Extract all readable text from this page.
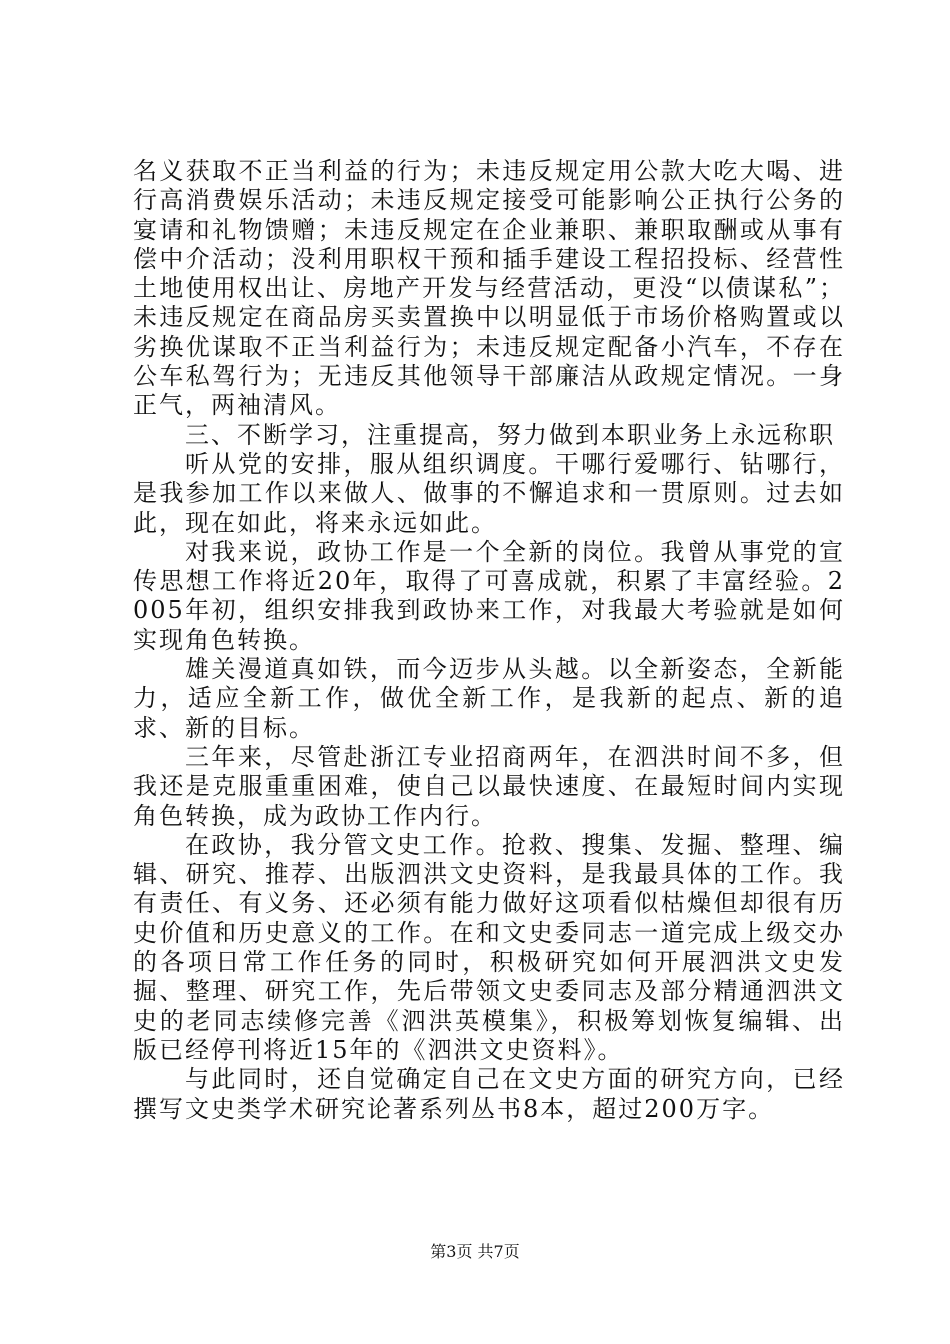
名义获取不正当利益的行为；未违反规定用公款大吃大喝、进行高消费娱乐活动；未违反规定接受可能影响公正执行公务的宴请和礼物馈赠；未违反规定在企业兼职、兼职取酬或从事有偿中介活动；没利用职权干预和插手建设工程招投标、经营性土地使用权出让、房地产开发与经营活动，更没“以债谋私”；未违反规定在商品房买卖置换中以明显低于市场价格购置或以劣换优谋取不正当利益行为；未违反规定配备小汽车，不存在公车私驾行为；无违反其他领导干部廉洁从政规定情况。一身正气，两袖清风。

三、不断学习，注重提高，努力做到本职业务上永远称职

听从党的安排，服从组织调度。干哪行爱哪行、钻哪行，是我参加工作以来做人、做事的不懈追求和一贯原则。过去如此，现在如此，将来永远如此。

对我来说，政协工作是一个全新的岗位。我曾从事党的宣传思想工作将近20年，取得了可喜成就，积累了丰富经验。2005年初，组织安排我到政协来工作，对我最大考验就是如何实现角色转换。

雄关漫道真如铁，而今迈步从头越。以全新姿态，全新能力，适应全新工作，做优全新工作，是我新的起点、新的追求、新的目标。

三年来，尽管赴浙江专业招商两年，在泗洪时间不多，但我还是克服重重困难，使自己以最快速度、在最短时间内实现角色转换，成为政协工作内行。

在政协，我分管文史工作。抢救、搜集、发掘、整理、编辑、研究、推荐、出版泗洪文史资料，是我最具体的工作。我有责任、有义务、还必须有能力做好这项看似枯燥但却很有历史价值和历史意义的工作。在和文史委同志一道完成上级交办的各项日常工作任务的同时，积极研究如何开展泗洪文史发掘、整理、研究工作，先后带领文史委同志及部分精通泗洪文史的老同志续修完善《泗洪英模集》，积极筹划恢复编辑、出版已经停刊将近15年的《泗洪文史资料》。

与此同时，还自觉确定自己在文史方面的研究方向，已经撰写文史类学术研究论著系列丛书8本，超过200万字。

第3页 共7页
